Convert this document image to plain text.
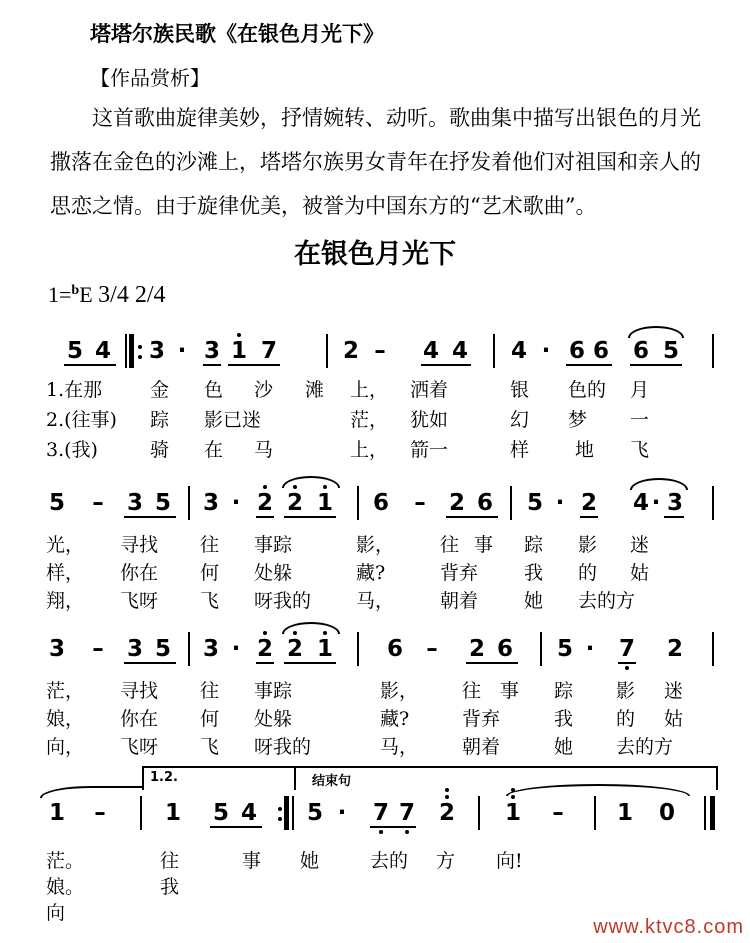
塔塔尔族民歌《在银色月光下》
【作品赏析】
这首歌曲旋律美妙，抒情婉转、动听。歌曲集中描写出银色的月光撒落在金色的沙滩上，塔塔尔族男女青年在抒发着他们对祖国和亲人的思恋之情。由于旋律优美，被誉为中国东方的“艺术歌曲”。
在银色月光下
1=$^b$E 3/4 2/4
5 4 3 · 3 1 7	2 – 4 4 4 · 6 6 6 5
1.在那	金 色 沙 滩 上， 洒着	银 色的 月
2.(往事) 踪 影已迷	茫， 犹如	幻 梦 一
3.(我)	骑 在 马	上， 箭一	样 地 飞
5 – 3 5 3 · 2 2 1 6 – 2 6 5 · 2 4 · 3
光， 寻找 往 事踪	影， 往 事 踪 影 迷
样， 你在 何 处躲	藏?	背弃 我 的 姑
翔， 飞呀 飞 呀我的 马， 朝着 她 去的方
3 – 3 5 3 · 2 2 1 6 – 2 6 5 · 7 2
茫， 寻找 往 事踪	影， 往 事 踪 影 迷
娘， 你在 何 处躲	藏?	背弃	我 的 姑
向， 飞呀 飞 呀我的	马， 朝着	她 去的方
1.2.	结束句
1 –	1 5 4 5 · 7 7 2 1 – 1 0
茫。	往	事 她	去的 方 向!
娘。	我
向
www.ktvc8.com
